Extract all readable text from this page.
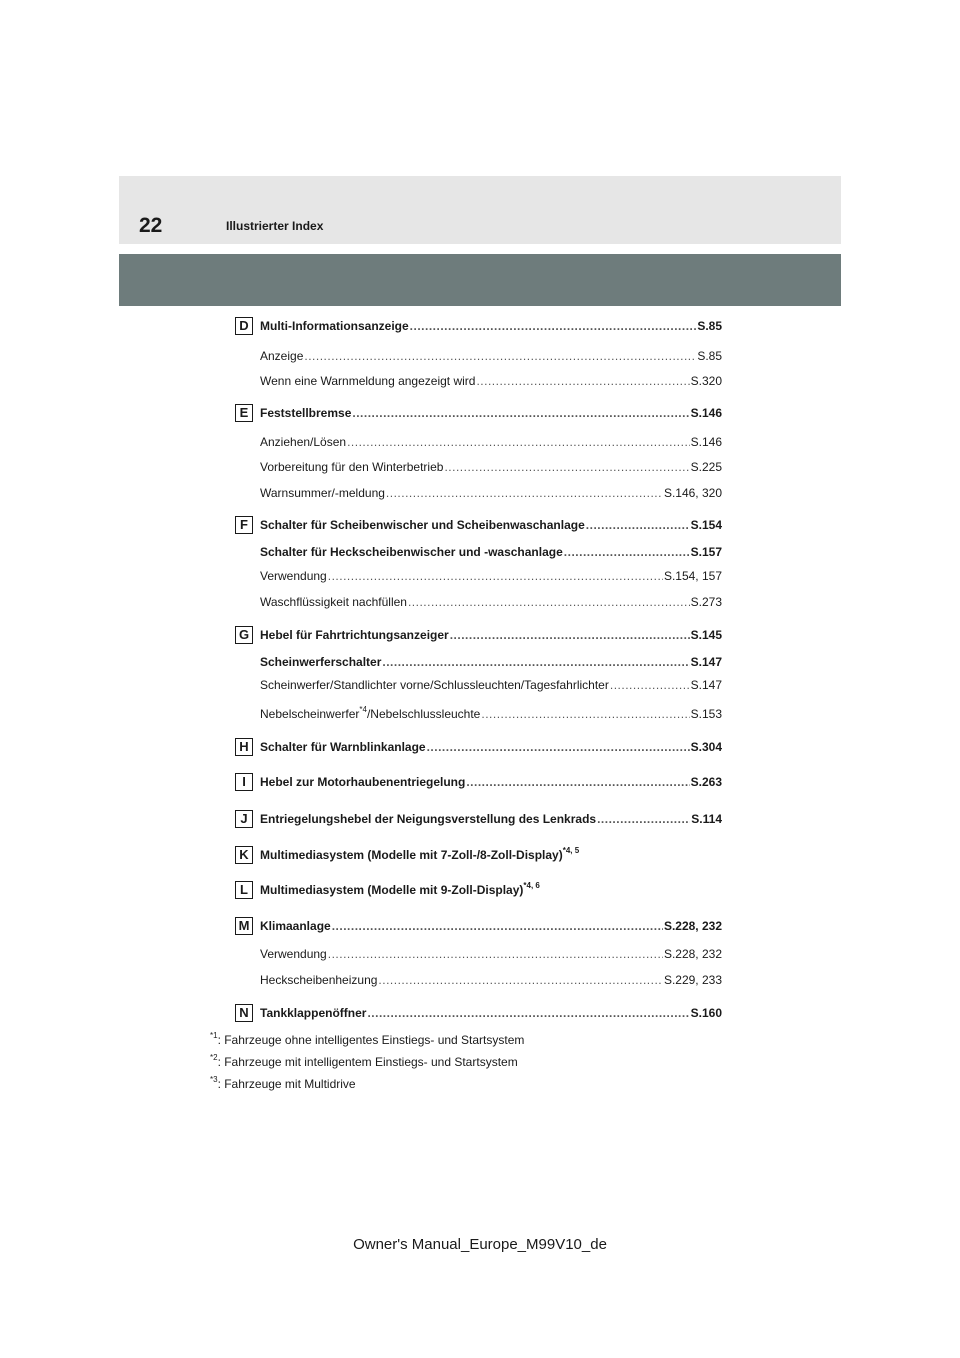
22	Illustrierter Index
D Multi-Informationsanzeige .....	S.85
Anzeige .....	S.85
Wenn eine Warnmeldung angezeigt wird .....	S.320
E Feststellbremse .....	S.146
Anziehen/Lösen .....	S.146
Vorbereitung für den Winterbetrieb .....	S.225
Warnsummer/-meldung .....	S.146, 320
F	Schalter für Scheibenwischer und Scheibenwaschanlage .....	S.154
Schalter für Heckscheibenwischer und -waschanlage .....	S.157
Verwendung .....	S.154, 157
Waschflüssigkeit nachfüllen .....	S.273
G Hebel für Fahrtrichtungsanzeiger .....	S.145
Scheinwerferschalter .....	S.147
Scheinwerfer/Standlichter vorne/Schlussleuchten/Tagesfahrlichter .....	S.147
Nebelscheinwerfer$^{*4}$/Nebelschlussleuchte .....	S.153
H Schalter für Warnblinkanlage .....	S.304
I	Hebel zur Motorhaubenentriegelung .....	S.263
J	Entriegelungshebel der Neigungsverstellung des Lenkrads .....	S.114
K Multimediasystem (Modelle mit 7-Zoll-/8-Zoll-Display)$^{*4, 5}$
L	Multimediasystem (Modelle mit 9-Zoll-Display)$^{*4, 6}$
M Klimaanlage .....	S.228, 232
Verwendung .....	S.228, 232
Heckscheibenheizung .....	S.229, 233
N Tankklappenöffner .....	S.160
$^{*1}$: Fahrzeuge ohne intelligentes Einstiegs- und Startsystem
$^{*2}$: Fahrzeuge mit intelligentem Einstiegs- und Startsystem
$^{*3}$: Fahrzeuge mit Multidrive
Owner's Manual_Europe_M99V10_de
